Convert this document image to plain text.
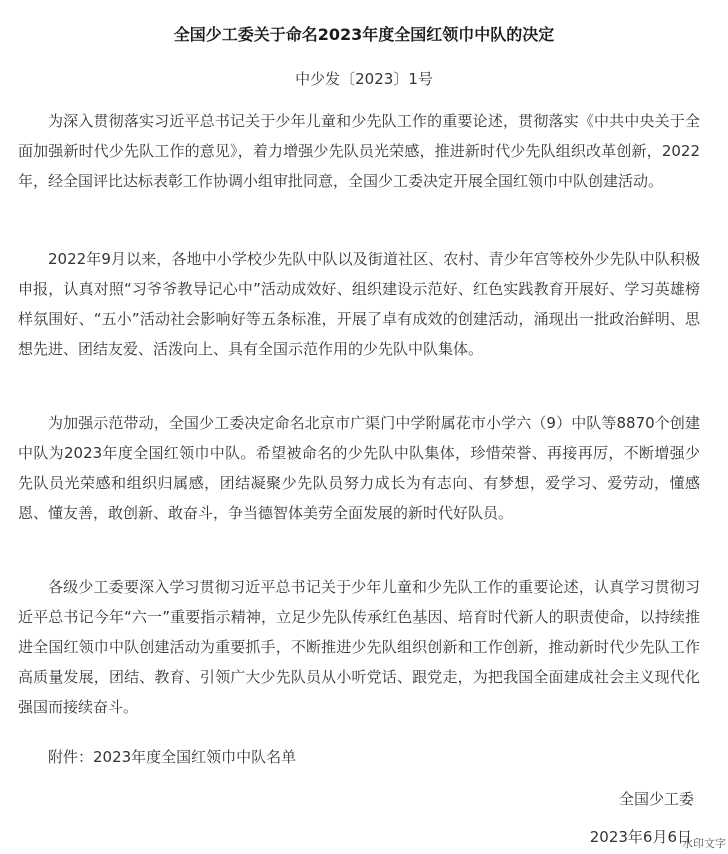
全国少工委关于命名2023年度全国红领巾中队的决定
中少发〔2023〕1号

为深入贯彻落实习近平总书记关于少年儿童和少先队工作的重要论述，贯彻落实《中共中央关于全面加强新时代少先队工作的意见》，着力增强少先队员光荣感，推进新时代少先队组织改革创新，2022年，经全国评比达标表彰工作协调小组审批同意，全国少工委决定开展全国红领巾中队创建活动。

2022年9月以来，各地中小学校少先队中队以及街道社区、农村、青少年宫等校外少先队中队积极申报，认真对照“习爷爷教导记心中”活动成效好、组织建设示范好、红色实践教育开展好、学习英雄榜样氛围好、“五小”活动社会影响好等五条标准，开展了卓有成效的创建活动，涌现出一批政治鲜明、思想先进、团结友爱、活泼向上、具有全国示范作用的少先队中队集体。

为加强示范带动，全国少工委决定命名北京市广渠门中学附属花市小学六（9）中队等8870个创建中队为2023年度全国红领巾中队。希望被命名的少先队中队集体，珍惜荣誉、再接再厉，不断增强少先队员光荣感和组织归属感，团结凝聚少先队员努力成长为有志向、有梦想，爱学习、爱劳动，懂感恩、懂友善，敢创新、敢奋斗，争当德智体美劳全面发展的新时代好队员。

各级少工委要深入学习贯彻习近平总书记关于少年儿童和少先队工作的重要论述，认真学习贯彻习近平总书记今年“六一”重要指示精神，立足少先队传承红色基因、培育时代新人的职责使命，以持续推进全国红领巾中队创建活动为重要抓手，不断推进少先队组织创新和工作创新，推动新时代少先队工作高质量发展，团结、教育、引领广大少先队员从小听党话、跟党走，为把我国全面建成社会主义现代化强国而接续奋斗。

附件：2023年度全国红领巾中队名单

全国少工委
2023年6月6日
水印文字
